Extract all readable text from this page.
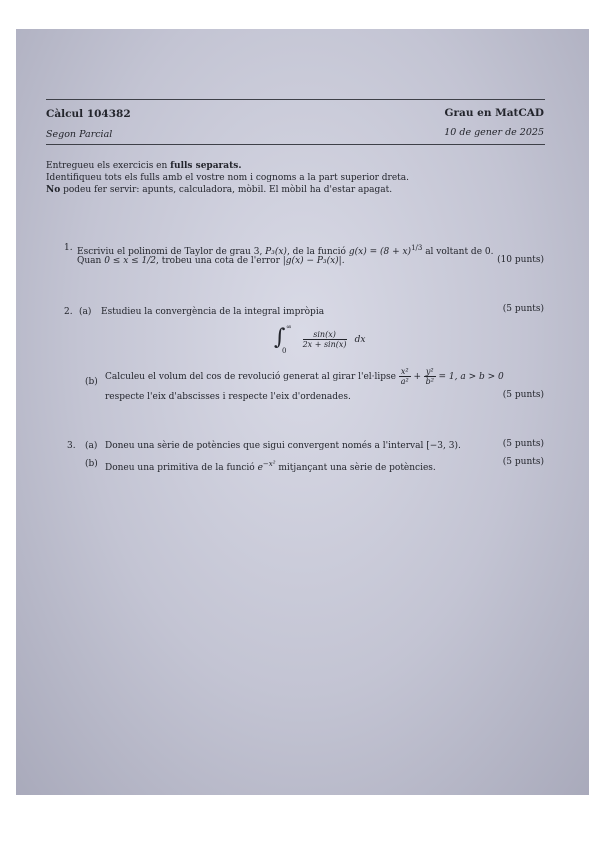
Càlcul 104382	Grau en MatCAD
Segon Parcial	10 de gener de 2025
Entregueu els exercicis en fulls separats.
Identifiqueu tots els fulls amb el vostre nom i cognoms a la part superior dreta.
No podeu fer servir: apunts, calculadora, mòbil. El mòbil ha d'estar apagat.
1. Escriviu el polinomi de Taylor de grau 3, P₃(x), de la funció $g(x) = (8 + x)^{1/3}$ al voltant de 0.
Quan 0 ≤ x ≤ 1/2, trobeu una cota de l'error |g(x) − P₃(x)|.	(10 punts)
2. (a) Estudieu la convergència de la integral impròpia	(5 punts)
∫ ∞
0
$\frac{\sin(x)}{2x + \sin(x)}$ dx
(b) Calculeu el volum del cos de revolució generat al girar l'el·lipse $\frac{\text{x²}}{\text{a²}} + \frac{\text{y²}}{\text{b²}} = 1$, a > b > 0
respecte l'eix d'abscisses i respecte l'eix d'ordenades.	(5 punts)
3. (a) Doneu una sèrie de potències que sigui convergent només a l'interval [−3, 3).	(5 punts)
(b) Doneu una primitiva de la funció $e^{-x^2}$ mitjançant una sèrie de potències.
(5 punts)
